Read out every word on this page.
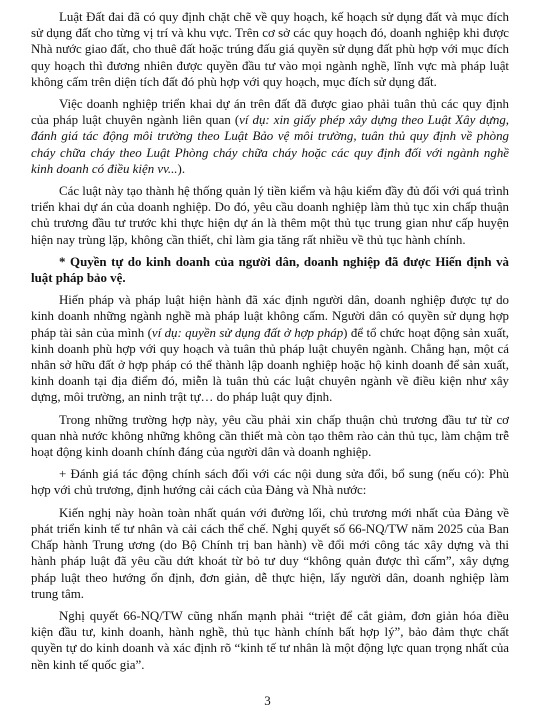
Luật Đất đai đã có quy định chặt chẽ về quy hoạch, kế hoạch sử dụng đất và mục đích sử dụng đất cho từng vị trí và khu vực. Trên cơ sở các quy hoạch đó, doanh nghiệp khi được Nhà nước giao đất, cho thuê đất hoặc trúng đấu giá quyền sử dụng đất phù hợp với mục đích quy hoạch thì đương nhiên được quyền đầu tư vào mọi ngành nghề, lĩnh vực mà pháp luật không cấm trên diện tích đất đó phù hợp với quy hoạch, mục đích sử dụng đất.

Việc doanh nghiệp triển khai dự án trên đất đã được giao phải tuân thủ các quy định của pháp luật chuyên ngành liên quan (ví dụ: xin giấy phép xây dựng theo Luật Xây dựng, đánh giá tác động môi trường theo Luật Bảo vệ môi trường, tuân thủ quy định về phòng cháy chữa cháy theo Luật Phòng cháy chữa cháy hoặc các quy định đối với ngành nghề kinh doanh có điều kiện vv...).

Các luật này tạo thành hệ thống quản lý tiền kiểm và hậu kiểm đầy đủ đối với quá trình triển khai dự án của doanh nghiệp. Do đó, yêu cầu doanh nghiệp làm thủ tục xin chấp thuận chủ trương đầu tư trước khi thực hiện dự án là thêm một thủ tục trung gian như cấp huyện hiện nay trùng lặp, không cần thiết, chỉ làm gia tăng rất nhiều về thủ tục hành chính.

* Quyền tự do kinh doanh của người dân, doanh nghiệp đã được Hiến định và luật pháp bảo vệ.

Hiến pháp và pháp luật hiện hành đã xác định người dân, doanh nghiệp được tự do kinh doanh những ngành nghề mà pháp luật không cấm. Người dân có quyền sử dụng hợp pháp tài sản của mình (ví dụ: quyền sử dụng đất ở hợp pháp) để tổ chức hoạt động sản xuất, kinh doanh phù hợp với quy hoạch và tuân thủ pháp luật chuyên ngành. Chẳng hạn, một cá nhân sở hữu đất ở hợp pháp có thể thành lập doanh nghiệp hoặc hộ kinh doanh để sản xuất, kinh doanh tại địa điểm đó, miễn là tuân thủ các luật chuyên ngành về điều kiện như xây dựng, môi trường, an ninh trật tự… do pháp luật quy định.

Trong những trường hợp này, yêu cầu phải xin chấp thuận chủ trương đầu tư từ cơ quan nhà nước không những không cần thiết mà còn tạo thêm rào cản thủ tục, làm chậm trễ hoạt động kinh doanh chính đáng của người dân và doanh nghiệp.

+ Đánh giá tác động chính sách đối với các nội dung sửa đổi, bổ sung (nếu có): Phù hợp với chủ trương, định hướng cải cách của Đảng và Nhà nước:

Kiến nghị này hoàn toàn nhất quán với đường lối, chủ trương mới nhất của Đảng về phát triển kinh tế tư nhân và cải cách thể chế. Nghị quyết số 66-NQ/TW năm 2025 của Ban Chấp hành Trung ương (do Bộ Chính trị ban hành) về đổi mới công tác xây dựng và thi hành pháp luật đã yêu cầu dứt khoát từ bỏ tư duy “không quản được thì cấm”, xây dựng pháp luật theo hướng ổn định, đơn giản, dễ thực hiện, lấy người dân, doanh nghiệp làm trung tâm.

Nghị quyết 66-NQ/TW cũng nhấn mạnh phải “triệt để cắt giảm, đơn giản hóa điều kiện đầu tư, kinh doanh, hành nghề, thủ tục hành chính bất hợp lý”, bảo đảm thực chất quyền tự do kinh doanh và xác định rõ “kinh tế tư nhân là một động lực quan trọng nhất của nền kinh tế quốc gia”.

3
